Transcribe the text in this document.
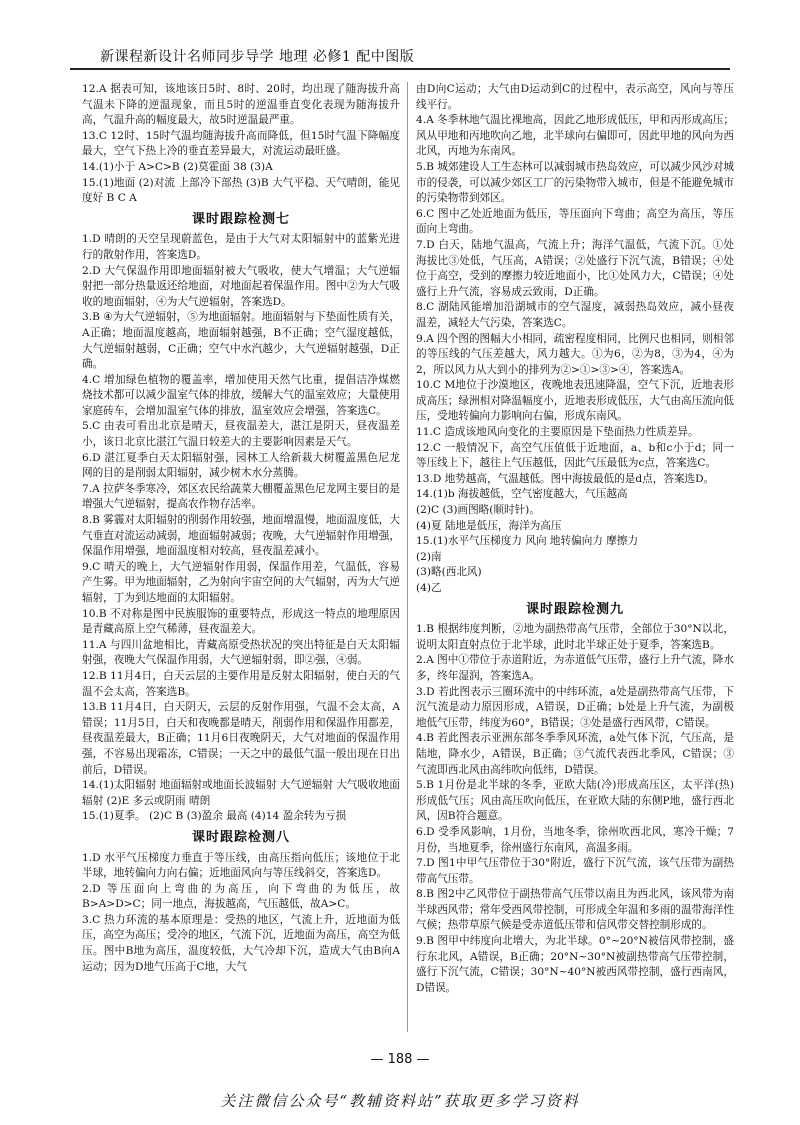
新课程新设计名师同步导学 地理 必修1 配中图版

12.A 据表可知，该地该日5时、8时、20时，均出现了随海拔升高气温未下降的逆温现象，而且5时的逆温垂直变化表现为随海拔升高，气温升高的幅度最大，故5时逆温最严重。

13.C 12时、15时气温均随海拔升高而降低，但15时气温下降幅度最大，空气下热上冷的垂直差异最大，对流运动最旺盛。

14.(1)小于 A>C>B (2)莫霍面 38 (3)A

15.(1)地面 (2)对流 上部冷下部热 (3)B 大气平稳、天气晴朗，能见度好 B C A

课时跟踪检测七

1.D 晴朗的天空呈现蔚蓝色，是由于大气对太阳辐射中的蓝紫光进行的散射作用，答案选D。

2.D 大气保温作用即地面辐射被大气吸收，使大气增温；大气逆辐射把一部分热量返还给地面，对地面起着保温作用。图中②为大气吸收的地面辐射，④为大气逆辐射，答案选D。

3.B ④为大气逆辐射，⑤为地面辐射。地面辐射与下垫面性质有关，A正确；地面温度越高，地面辐射越强，B不正确；空气湿度越低，大气逆辐射越弱，C正确；空气中水汽越少，大气逆辐射越强，D正确。

4.C 增加绿色植物的覆盖率，增加使用天然气比重，提倡洁净煤燃烧技术都可以减少温室气体的排放，缓解大气的温室效应；大量使用家庭砖车，会增加温室气体的排放，温室效应会增强，答案选C。

5.C 由表可看出北京是晴天，昼夜温差大，湛江是阴天，昼夜温差小，该日北京比湛江气温日较差大的主要影响因素是天气。

6.D 湛江夏季白天太阳辐射强，园林工人给新栽大树覆盖黑色尼龙网的目的是削弱太阳辐射，减少树木水分蒸腾。

7.A 拉萨冬季寒冷，郊区农民给蔬菜大棚覆盖黑色尼龙网主要目的是增强大气逆辐射，提高农作物存活率。

8.B 雾霾对太阳辐射的削弱作用较强，地面增温慢，地面温度低，大气垂直对流运动减弱，地面辐射减弱；夜晚，大气逆辐射作用增强，保温作用增强，地面温度相对较高，昼夜温差减小。

9.C 晴天的晚上，大气逆辐射作用弱，保温作用差，气温低，容易产生雾。甲为地面辐射，乙为射向宇宙空间的大气辐射，丙为大气逆辐射，丁为到达地面的太阳辐射。

10.B 不对称是图中民族服饰的重要特点，形成这一特点的地理原因是青藏高原上空气稀薄，昼夜温差大。

11.A 与四川盆地相比，青藏高原受热状况的突出特征是白天太阳辐射强，夜晚大气保温作用弱，大气逆辐射弱，即②强，④弱。

12.B 11月4日，白天云层的主要作用是反射太阳辐射，使白天的气温不会太高，答案选B。

13.B 11月4日，白天阴天，云层的反射作用强，气温不会太高，A错误；11月5日，白天和夜晚都是晴天，削弱作用和保温作用都差，昼夜温差最大，B正确；11月6日夜晚阴天，大气对地面的保温作用强，不容易出现霜冻，C错误；一天之中的最低气温一般出现在日出前后，D错误。

14.(1)太阳辐射 地面辐射或地面长波辐射 大气逆辐射 大气吸收地面辐射 (2)E 多云或阴雨 晴朗

15.(1)夏季。 (2)C B (3)盈余 最高 (4)14 盈余转为亏损

课时跟踪检测八

1.D 水平气压梯度力垂直于等压线，由高压指向低压；该地位于北半球，地转偏向力向右偏；近地面风向与等压线斜交，答案选D。

2.D 等压面向上弯曲的为高压，向下弯曲的为低压，故B>A>D>C；同一地点，海拔越高，气压越低，故A>C。

3.C 热力环流的基本原理是：受热的地区，气流上升，近地面为低压，高空为高压；受冷的地区，气流下沉，近地面为高压，高空为低压。图中B地为高压，温度较低，大气冷却下沉，造成大气由B向A运动；因为D地气压高于C地，大气

由D向C运动；大气由D运动到C的过程中，表示高空，风向与等压线平行。

4.A 冬季林地气温比裸地高，因此乙地形成低压，甲和丙形成高压；风从甲地和丙地吹向乙地，北半球向右偏即可，因此甲地的风向为西北风，丙地为东南风。

5.B 城郊建设人工生态林可以减弱城市热岛效应，可以减少风沙对城市的侵袭，可以减少郊区工厂的污染物带入城市，但是不能避免城市的污染物带到郊区。

6.C 图中乙处近地面为低压，等压面向下弯曲；高空为高压，等压面向上弯曲。

7.D 白天，陆地气温高，气流上升；海洋气温低，气流下沉。①处海拔比③处低，气压高，A错误；②处盛行下沉气流，B错误；④处位于高空，受到的摩擦力较近地面小，比①处风力大，C错误；④处盛行上升气流，容易成云致雨，D正确。

8.C 湖陆风能增加沿湖城市的空气湿度，减弱热岛效应，减小昼夜温差，减轻大气污染，答案选C。

9.A 四个图的图幅大小相同，疏密程度相同，比例尺也相同，则相邻的等压线的气压差越大，风力越大。①为6，②为8，③为4，④为2，所以风力从大到小的排列为②>①>③>④，答案选A。

10.C M地位于沙漠地区，夜晚地表迅速降温，空气下沉，近地表形成高压；绿洲相对降温幅度小，近地表形成低压，大气由高压流向低压，受地转偏向力影响向右偏，形成东南风。

11.C 造成该地风向变化的主要原因是下垫面热力性质差异。

12.C 一般情况下，高空气压值低于近地面，a、b和c小于d；同一等压线上下，越往上气压越低，因此气压最低为c点，答案选C。

13.D 地势越高，气温越低。图中海拔最低的是d点，答案选D。

14.(1)b 海拔越低，空气密度越大，气压越高

(2)C (3)画图略(顺时针)。

(4)夏 陆地是低压，海洋为高压

15.(1)水平气压梯度力 风向 地转偏向力 摩擦力

(2)南

(3)略(西北风)

(4)乙

课时跟踪检测九

1.B 根据纬度判断，②地为副热带高气压带，全部位于30°N以北，说明太阳直射点位于北半球，此时北半球正处于夏季，答案选B。

2.A 图中①带位于赤道附近，为赤道低气压带，盛行上升气流，降水多，终年湿润，答案选A。

3.D 若此图表示三圈环流中的中纬环流，a处是副热带高气压带，下沉气流是动力原因形成，A错误，D正确；b处是上升气流，为副极地低气压带，纬度为60°，B错误；③处是盛行西风带，C错误。

4.B 若此图表示亚洲东部冬季季风环流，a处气体下沉，气压高，是陆地，降水少，A错误，B正确；③气流代表西北季风，C错误；③气流即西北风由高纬吹向低纬，D错误。

5.B 1月份是北半球的冬季，亚欧大陆(冷)形成高压区，太平洋(热)形成低气压；风由高压吹向低压，在亚欧大陆的东侧P地，盛行西北风，因B符合题意。

6.D 受季风影响，1月份，当地冬季，徐州吹西北风，寒冷干燥；7月份，当地夏季，徐州盛行东南风，高温多雨。

7.D 图1中甲气压带位于30°附近，盛行下沉气流，该气压带为副热带高气压带。

8.B 图2中乙风带位于副热带高气压带以南且为西北风，该风带为南半球西风带；常年受西风带控制，可形成全年温和多雨的温带海洋性气候；热带草原气候是受赤道低压带和信风带交替控制形成的。

9.B 图甲中纬度向北增大，为北半球。0°~20°N被信风带控制，盛行东北风，A错误，B正确；20°N~30°N被副热带高气压带控制，盛行下沉气流，C错误；30°N~40°N被西风带控制，盛行西南风，D错误。

— 188 —
关注微信公众号“教辅资料站”获取更多学习资料
